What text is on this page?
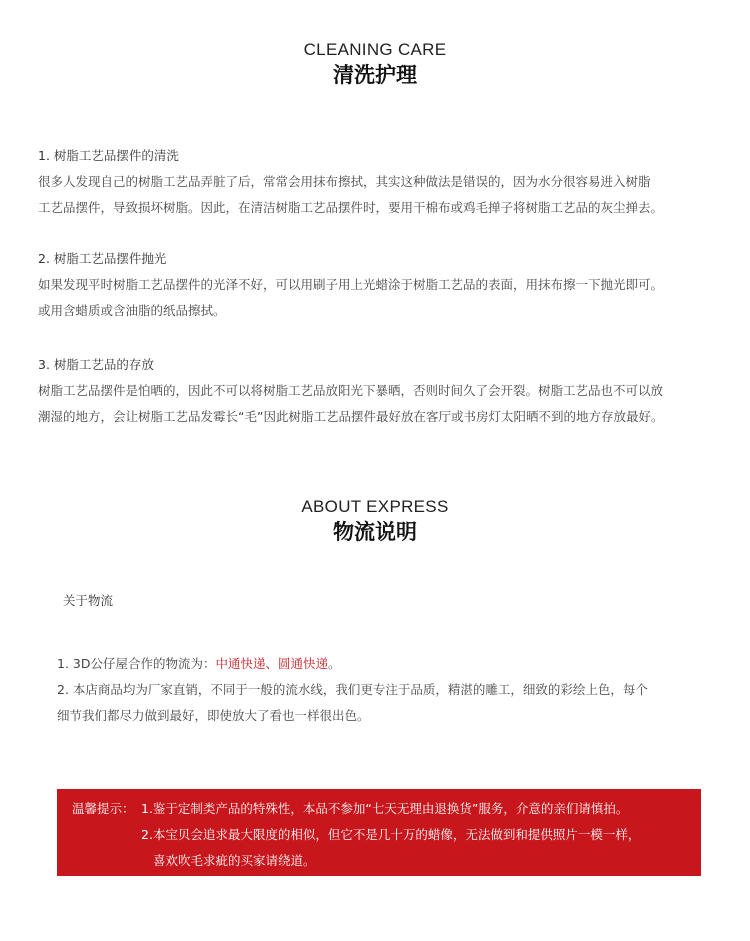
CLEANING CARE
清洗护理
1. 树脂工艺品摆件的清洗
很多人发现自己的树脂工艺品弄脏了后，常常会用抹布擦拭，其实这种做法是错误的，因为水分很容易进入树脂
工艺品摆件，导致损坏树脂。因此，在清洁树脂工艺品摆件时，要用干棉布或鸡毛掸子将树脂工艺品的灰尘掸去。
2. 树脂工艺品摆件抛光
如果发现平时树脂工艺品摆件的光泽不好，可以用刷子用上光蜡涂于树脂工艺品的表面，用抹布擦一下抛光即可。
或用含蜡质或含油脂的纸品擦拭。
3. 树脂工艺品的存放
树脂工艺品摆件是怕晒的，因此不可以将树脂工艺品放阳光下暴晒，否则时间久了会开裂。树脂工艺品也不可以放
潮湿的地方，会让树脂工艺品发霉长“毛”因此树脂工艺品摆件最好放在客厅或书房灯太阳晒不到的地方存放最好。
ABOUT EXPRESS
物流说明
关于物流
1. 3D公仔屋合作的物流为：中通快递、圆通快递。
2. 本店商品均为厂家直销，不同于一般的流水线，我们更专注于品质，精湛的雕工，细致的彩绘上色，每个
细节我们都尽力做到最好，即使放大了看也一样很出色。
温馨提示： 1.鉴于定制类产品的特殊性，本品不参加“七天无理由退换货”服务，介意的亲们请慎拍。
2.本宝贝会追求最大限度的相似，但它不是几十万的蜡像，无法做到和提供照片一模一样，
喜欢吹毛求疵的买家请绕道。
